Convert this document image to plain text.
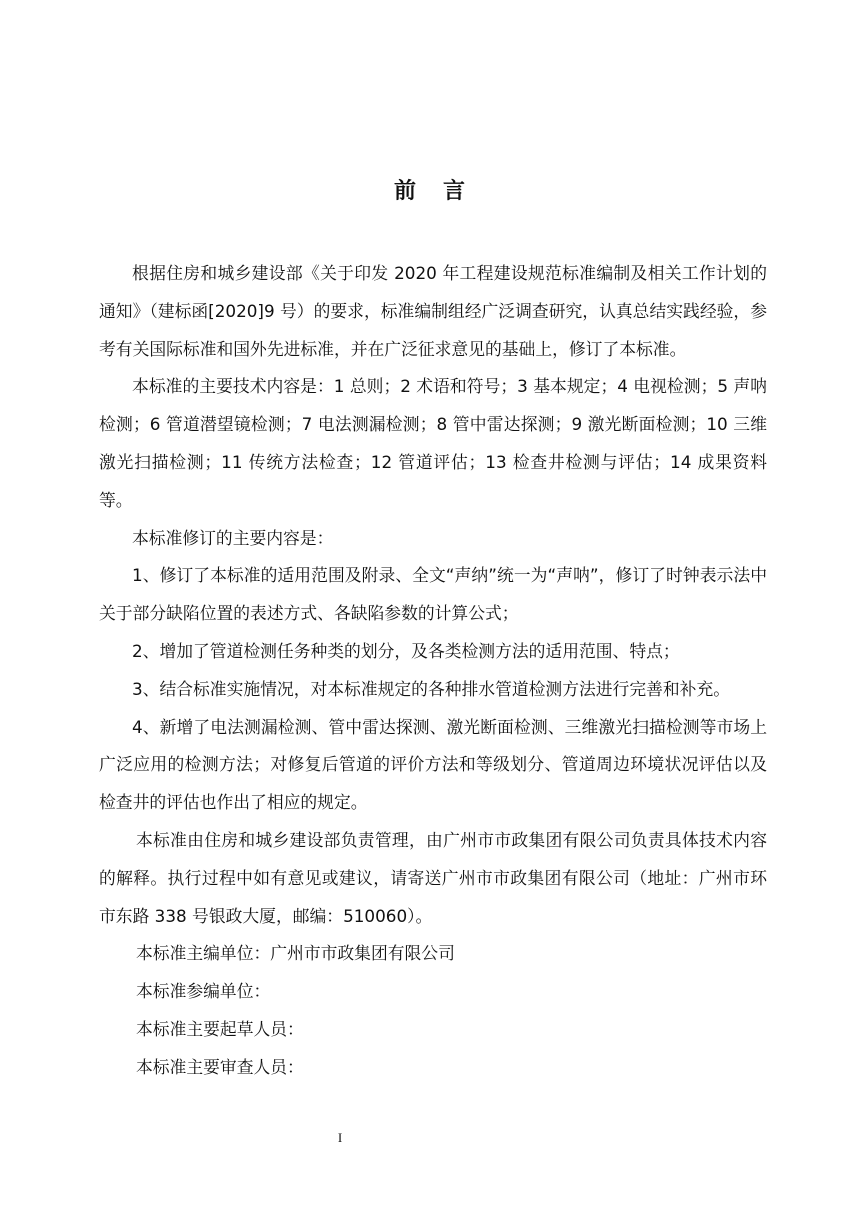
前 言

根据住房和城乡建设部《关于印发 2020 年工程建设规范标准编制及相关工作计划的通知》（建标函[2020]9 号）的要求，标准编制组经广泛调查研究，认真总结实践经验，参考有关国际标准和国外先进标准，并在广泛征求意见的基础上，修订了本标准。

本标准的主要技术内容是：1 总则；2 术语和符号；3 基本规定；4 电视检测；5 声呐检测；6 管道潜望镜检测；7 电法测漏检测；8 管中雷达探测；9 激光断面检测；10 三维激光扫描检测；11 传统方法检查；12 管道评估；13 检查井检测与评估；14 成果资料等。

本标准修订的主要内容是：

1、修订了本标准的适用范围及附录、全文“声纳”统一为“声呐”，修订了时钟表示法中关于部分缺陷位置的表述方式、各缺陷参数的计算公式；

2、增加了管道检测任务种类的划分，及各类检测方法的适用范围、特点；

3、结合标准实施情况，对本标准规定的各种排水管道检测方法进行完善和补充。

4、新增了电法测漏检测、管中雷达探测、激光断面检测、三维激光扫描检测等市场上广泛应用的检测方法；对修复后管道的评价方法和等级划分、管道周边环境状况评估以及检查井的评估也作出了相应的规定。

本标准由住房和城乡建设部负责管理，由广州市市政集团有限公司负责具体技术内容的解释。执行过程中如有意见或建议，请寄送广州市市政集团有限公司（地址：广州市环市东路 338 号银政大厦，邮编：510060）。

本标准主编单位：广州市市政集团有限公司

本标准参编单位：

本标准主要起草人员：

本标准主要审查人员：

I
